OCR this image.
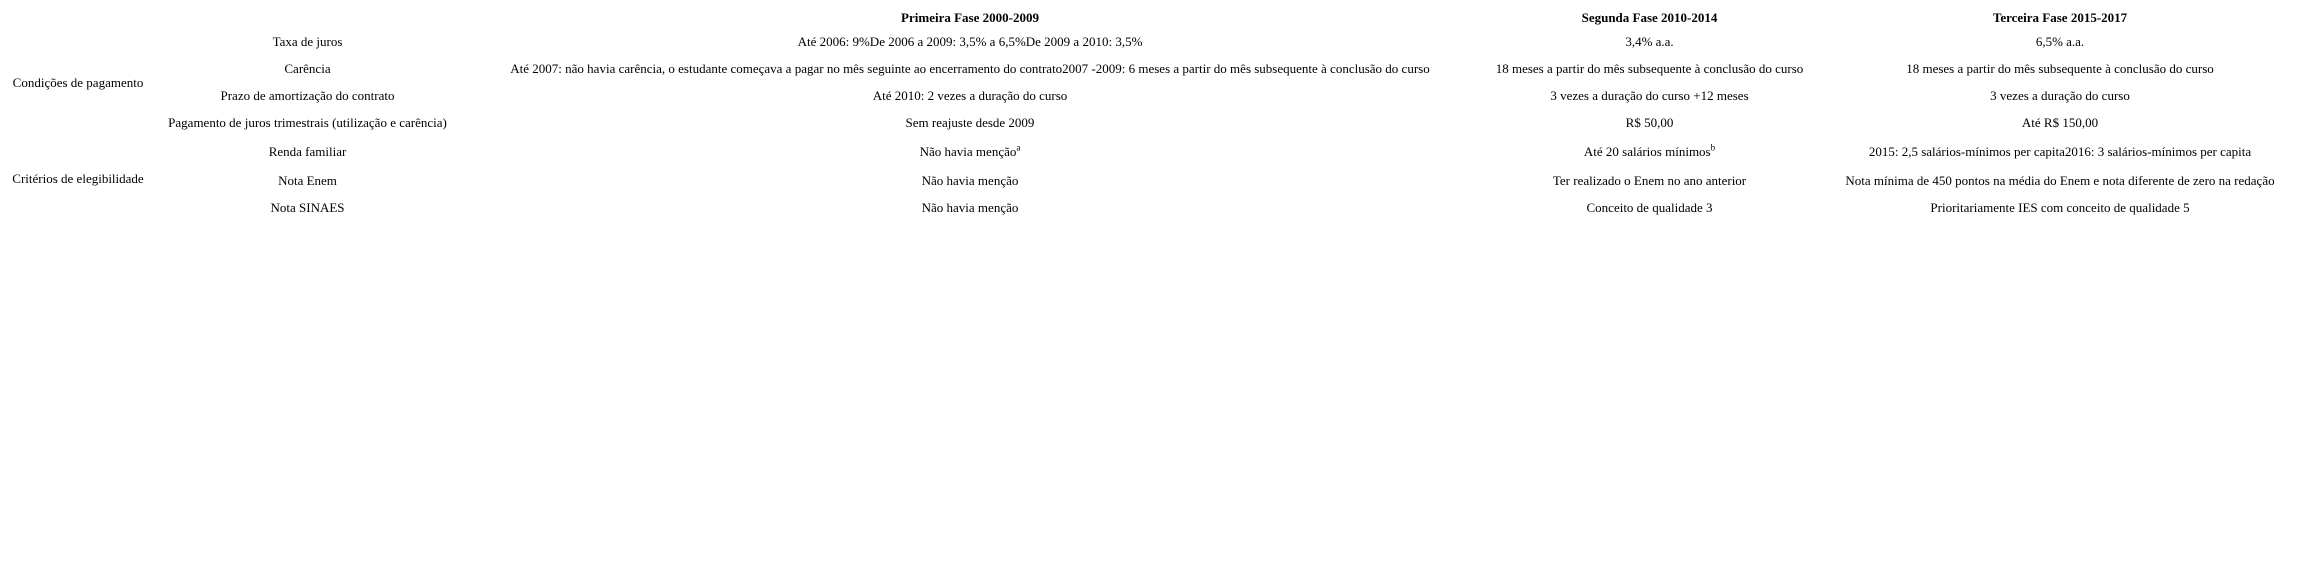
		Primeira Fase 2000-2009	Segunda Fase 2010-2014	Terceira Fase 2015-2017
Condições de pagamento	Taxa de juros	Até 2006: 9%De 2006 a 2009: 3,5% a 6,5%De 2009 a 2010: 3,5%	3,4% a.a.	6,5% a.a.
	Carência	Até 2007: não havia carência, o estudante começava a pagar no mês seguinte ao encerramento do contrato2007 -2009: 6 meses a partir do mês subsequente à conclusão do curso	18 meses a partir do mês subsequente à conclusão do curso	18 meses a partir do mês subsequente à conclusão do curso
	Prazo de amortização do contrato	Até 2010: 2 vezes a duração do curso	3 vezes a duração do curso +12 meses	3 vezes a duração do curso
	Pagamento de juros trimestrais (utilização e carência)	Sem reajuste desde 2009	R$ 50,00	Até R$ 150,00
Critérios de elegibilidade	Renda familiar	Não havia menção$^a$	Até 20 salários mínimos$^b$	2015: 2,5 salários-mínimos per capita2016: 3 salários-mínimos per capita
	Nota Enem	Não havia menção	Ter realizado o Enem no ano anterior	Nota mínima de 450 pontos na média do Enem e nota diferente de zero na redação
	Nota SINAES	Não havia menção	Conceito de qualidade 3	Prioritariamente IES com conceito de qualidade 5
